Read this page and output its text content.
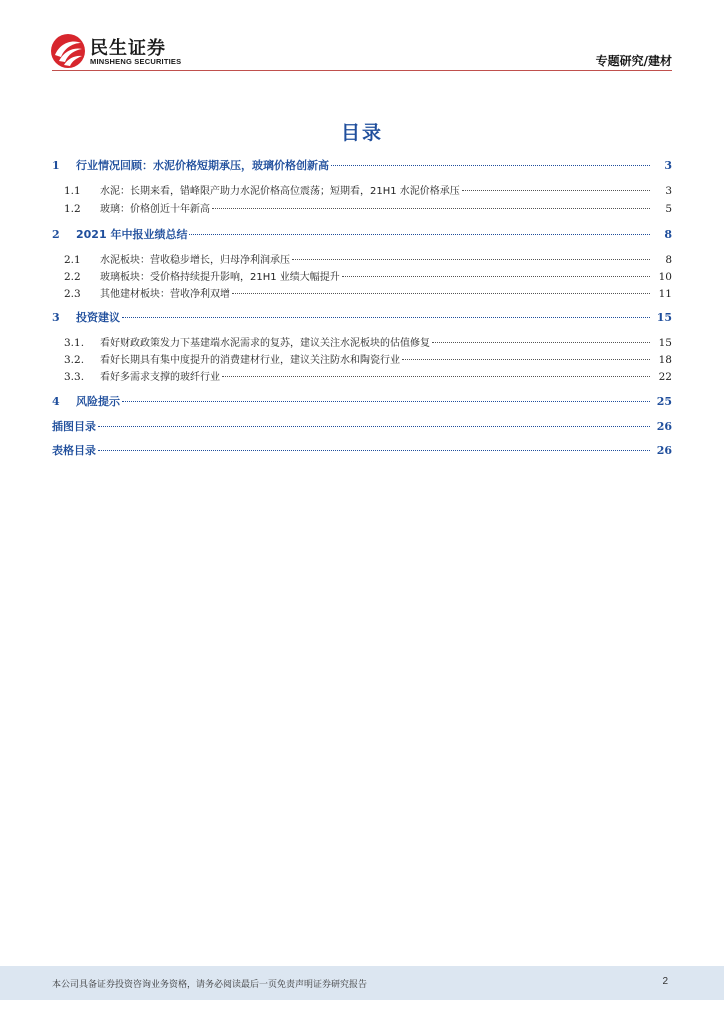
民生证券
MINSHENG SECURITIES	专题研究/建材
目录
1	行业情况回顾：水泥价格短期承压，玻璃价格创新高	3
1.1	水泥：长期来看，错峰限产助力水泥价格高位震荡；短期看，21H1 水泥价格承压	3
1.2	玻璃：价格创近十年新高	5
2	2021 年中报业绩总结	8
2.1	水泥板块：营收稳步增长，归母净利润承压	8
2.2	玻璃板块：受价格持续提升影响，21H1 业绩大幅提升	10
2.3	其他建材板块：营收净利双增	11
3	投资建议	15
3.1.	看好财政政策发力下基建端水泥需求的复苏，建议关注水泥板块的估值修复	15
3.2.	看好长期具有集中度提升的消费建材行业，建议关注防水和陶瓷行业	18
3.3.	看好多需求支撑的玻纤行业	22
4	风险提示	25
插图目录	26
表格目录	26
本公司具备证券投资咨询业务资格，请务必阅读最后一页免责声明证券研究报告	2
